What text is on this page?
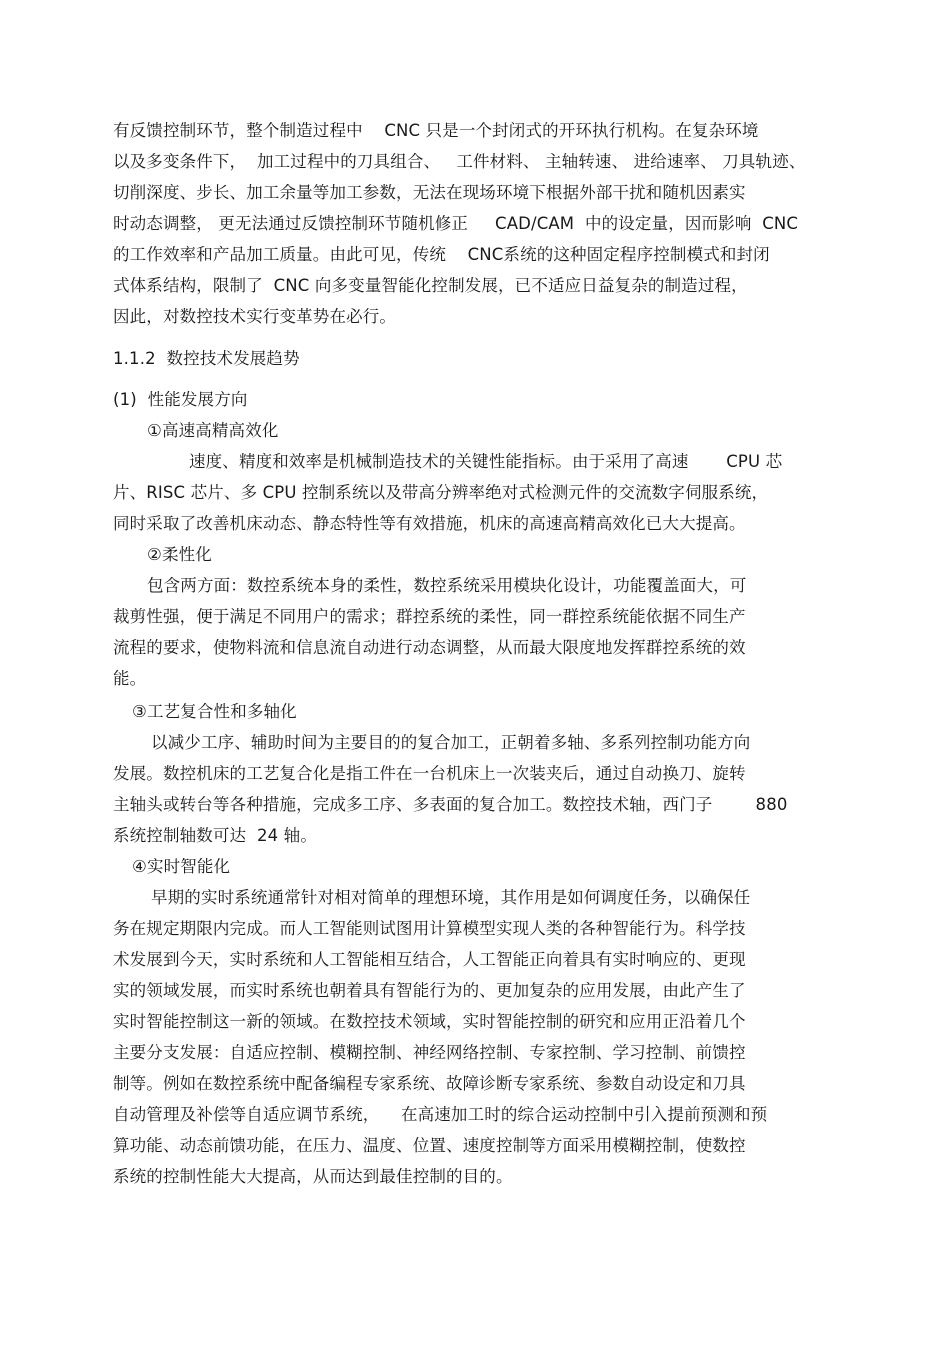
有反馈控制环节，整个制造过程中    CNC 只是一个封闭式的开环执行机构。在复杂环境
以及多变条件下，  加工过程中的刀具组合、   工件材料、 主轴转速、 进给速率、 刀具轨迹、
切削深度、步长、加工余量等加工参数，无法在现场环境下根据外部干扰和随机因素实
时动态调整， 更无法通过反馈控制环节随机修正     CAD/CAM  中的设定量，因而影响  CNC
的工作效率和产品加工质量。由此可见，传统    CNC系统的这种固定程序控制模式和封闭
式体系结构，限制了  CNC 向多变量智能化控制发展，已不适应日益复杂的制造过程，
因此，对数控技术实行变革势在必行。
1.1.2  数控技术发展趋势
(1)  性能发展方向
①高速高精高效化
速度、精度和效率是机械制造技术的关键性能指标。由于采用了高速       CPU 芯
片、RISC 芯片、多 CPU 控制系统以及带高分辨率绝对式检测元件的交流数字伺服系统，
同时采取了改善机床动态、静态特性等有效措施，机床的高速高精高效化已大大提高。
②柔性化
包含两方面：数控系统本身的柔性，数控系统采用模块化设计，功能覆盖面大，可
裁剪性强，便于满足不同用户的需求；群控系统的柔性，同一群控系统能依据不同生产
流程的要求，使物料流和信息流自动进行动态调整，从而最大限度地发挥群控系统的效
能。
③工艺复合性和多轴化
以减少工序、辅助时间为主要目的的复合加工，正朝着多轴、多系列控制功能方向
发展。数控机床的工艺复合化是指工件在一台机床上一次装夹后，通过自动换刀、旋转
主轴头或转台等各种措施，完成多工序、多表面的复合加工。数控技术轴，西门子        880
系统控制轴数可达  24 轴。
④实时智能化
早期的实时系统通常针对相对简单的理想环境，其作用是如何调度任务，以确保任
务在规定期限内完成。而人工智能则试图用计算模型实现人类的各种智能行为。科学技
术发展到今天，实时系统和人工智能相互结合，人工智能正向着具有实时响应的、更现
实的领域发展，而实时系统也朝着具有智能行为的、更加复杂的应用发展，由此产生了
实时智能控制这一新的领域。在数控技术领域，实时智能控制的研究和应用正沿着几个
主要分支发展：自适应控制、模糊控制、神经网络控制、专家控制、学习控制、前馈控
制等。例如在数控系统中配备编程专家系统、故障诊断专家系统、参数自动设定和刀具
自动管理及补偿等自适应调节系统，    在高速加工时的综合运动控制中引入提前预测和预
算功能、动态前馈功能，在压力、温度、位置、速度控制等方面采用模糊控制，使数控
系统的控制性能大大提高，从而达到最佳控制的目的。
